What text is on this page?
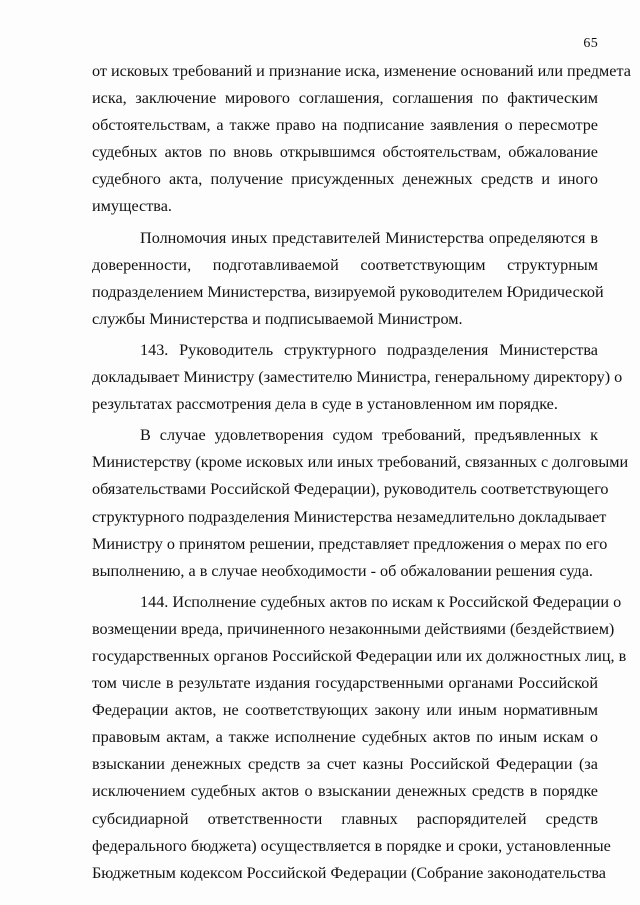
65
от исковых требований и признание иска, изменение оснований или предмета
иска, заключение мирового соглашения, соглашения по фактическим
обстоятельствам, а также право на подписание заявления о пересмотре
судебных актов по вновь открывшимся обстоятельствам, обжалование
судебного акта, получение присужденных денежных средств и иного
имущества.
Полномочия иных представителей Министерства определяются в
доверенности, подготавливаемой соответствующим структурным
подразделением Министерства, визируемой руководителем Юридической
службы Министерства и подписываемой Министром.
143. Руководитель структурного подразделения Министерства
докладывает Министру (заместителю Министра, генеральному директору) о
результатах рассмотрения дела в суде в установленном им порядке.
В случае удовлетворения судом требований, предъявленных к
Министерству (кроме исковых или иных требований, связанных с долговыми
обязательствами Российской Федерации), руководитель соответствующего
структурного подразделения Министерства незамедлительно докладывает
Министру о принятом решении, представляет предложения о мерах по его
выполнению, а в случае необходимости - об обжаловании решения суда.
144. Исполнение судебных актов по искам к Российской Федерации о
возмещении вреда, причиненного незаконными действиями (бездействием)
государственных органов Российской Федерации или их должностных лиц, в
том числе в результате издания государственными органами Российской
Федерации актов, не соответствующих закону или иным нормативным
правовым актам, а также исполнение судебных актов по иным искам о
взыскании денежных средств за счет казны Российской Федерации (за
исключением судебных актов о взыскании денежных средств в порядке
субсидиарной ответственности главных распорядителей средств
федерального бюджета) осуществляется в порядке и сроки, установленные
Бюджетным кодексом Российской Федерации (Собрание законодательства
